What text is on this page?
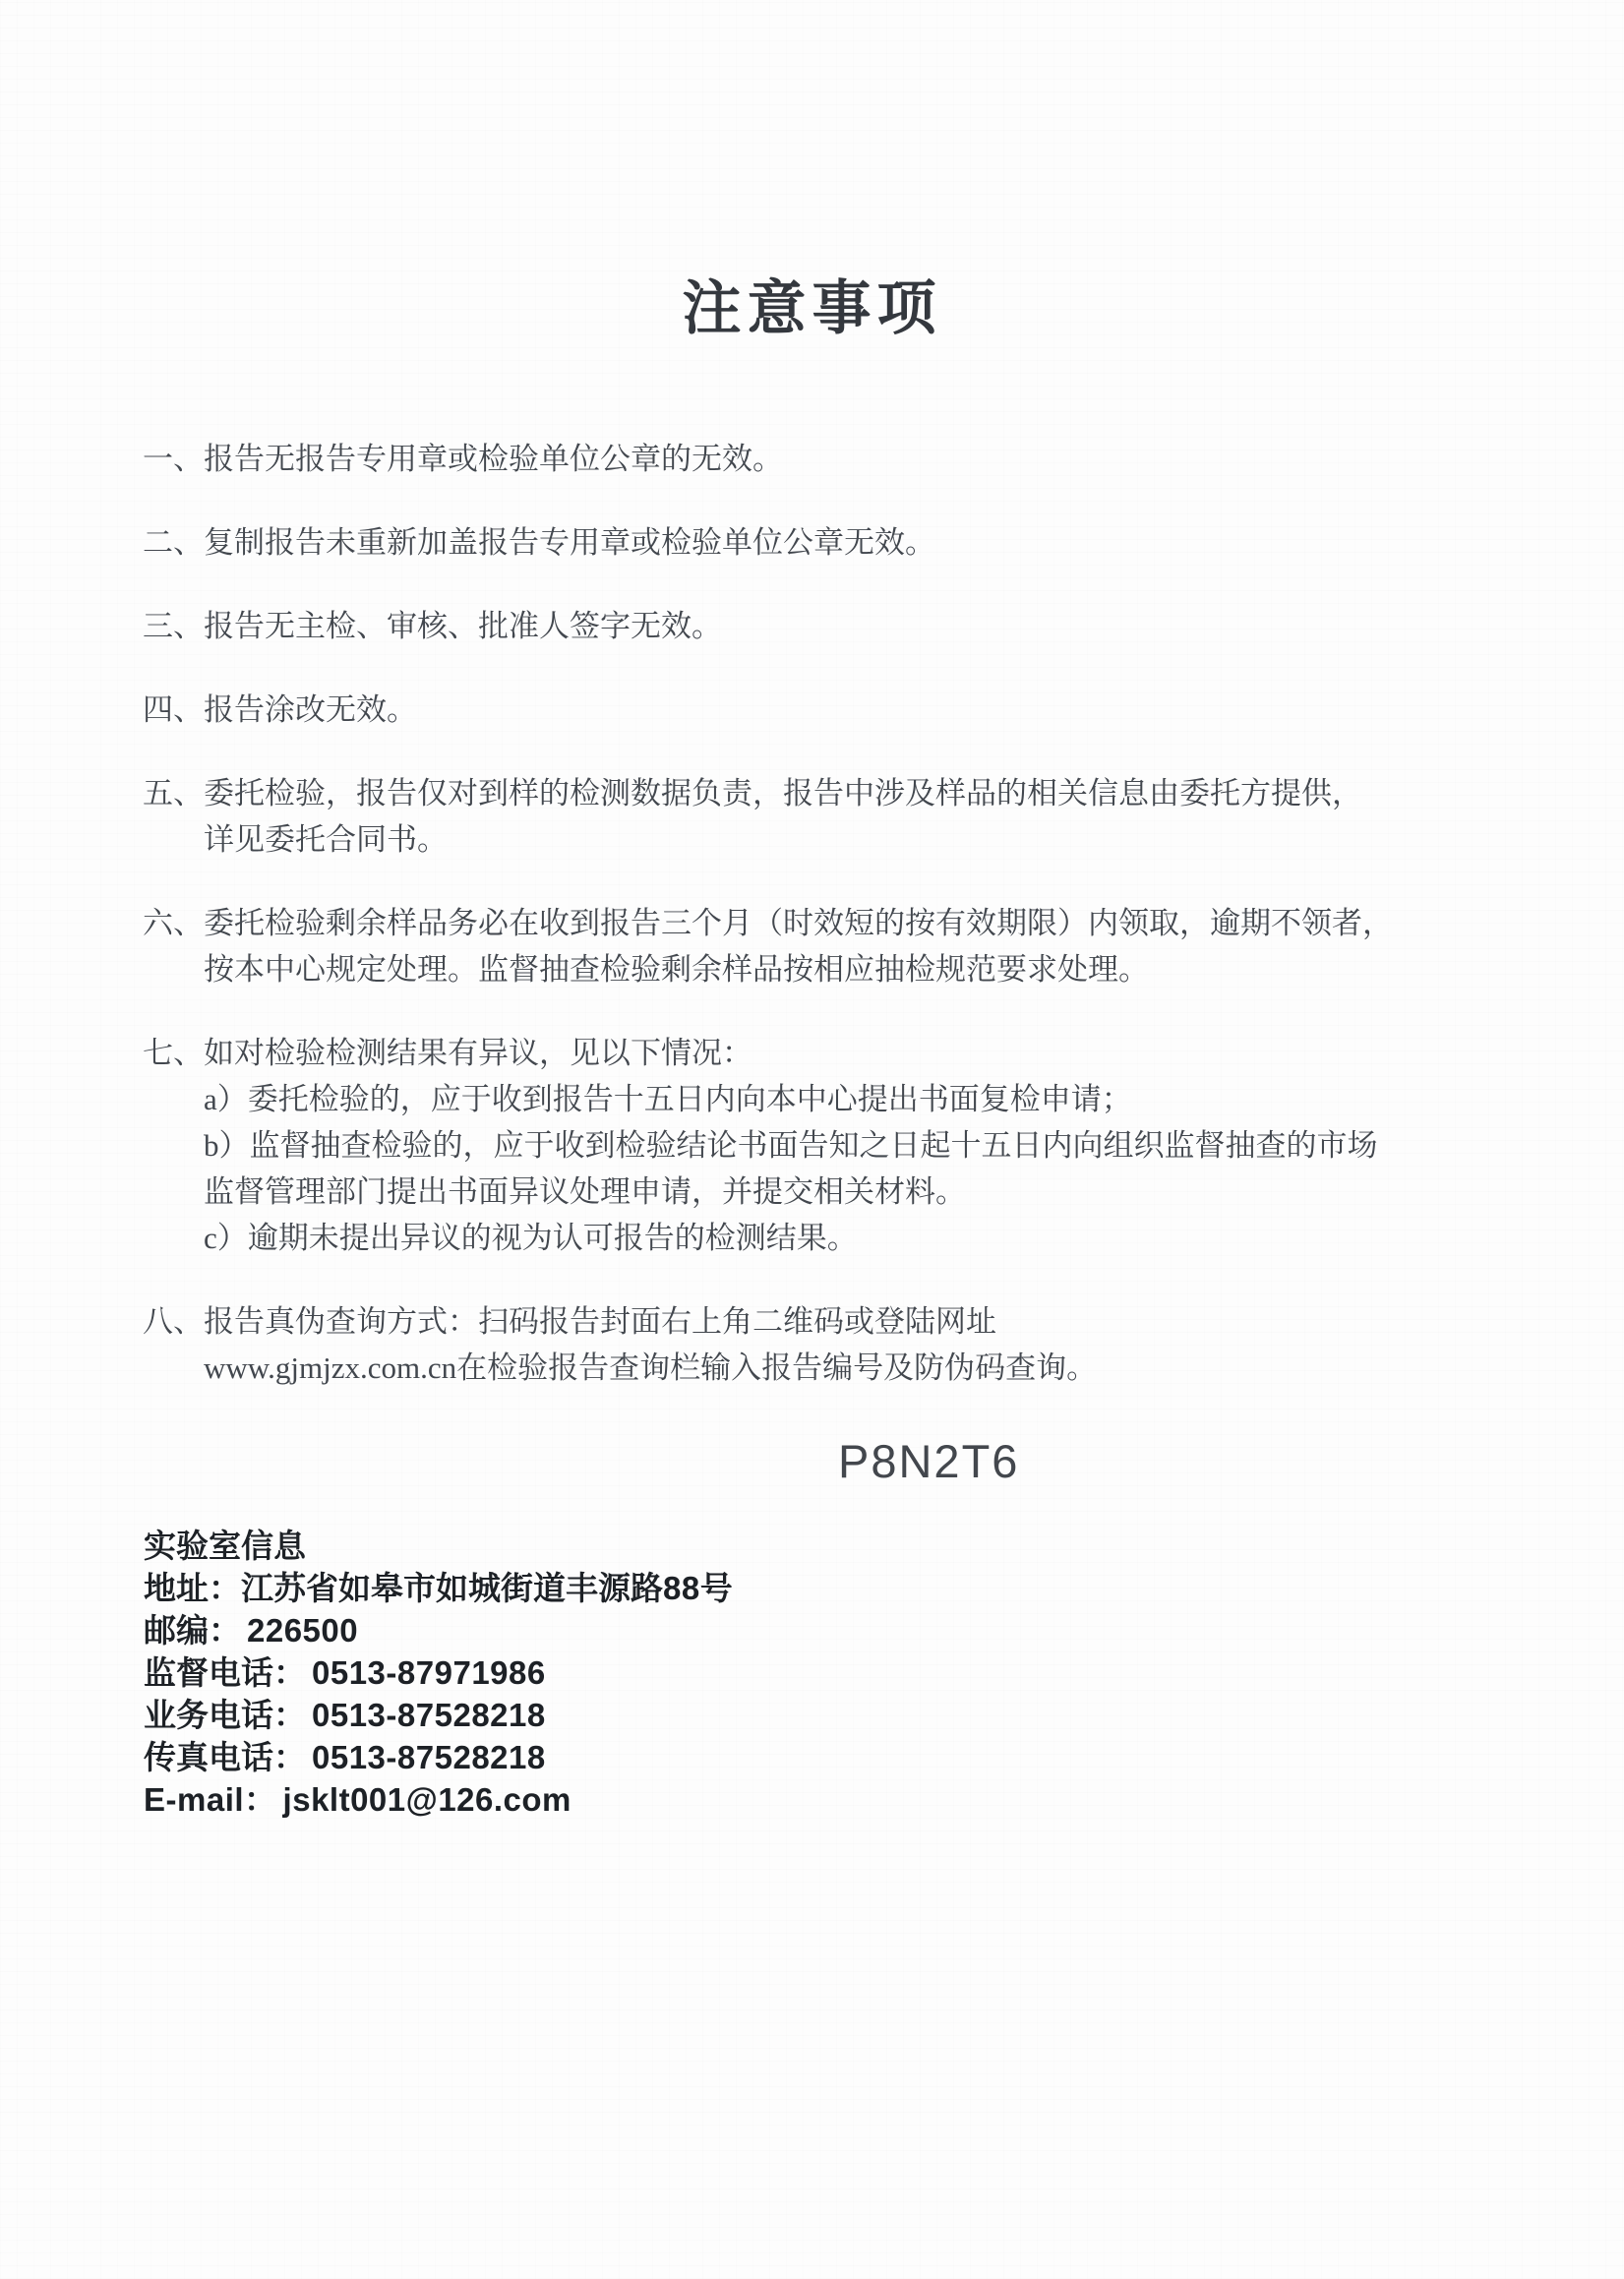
注意事项
一、 报告无报告专用章或检验单位公章的无效。
二、 复制报告未重新加盖报告专用章或检验单位公章无效。
三、 报告无主检、审核、批准人签字无效。
四、 报告涂改无效。
五、 委托检验，报告仅对到样的检测数据负责，报告中涉及样品的相关信息由委托方提供，
详见委托合同书。
六、 委托检验剩余样品务必在收到报告三个月（时效短的按有效期限）内领取，逾期不领者，
按本中心规定处理。监督抽查检验剩余样品按相应抽检规范要求处理。
七、 如对检验检测结果有异议，见以下情况：
a）委托检验的，应于收到报告十五日内向本中心提出书面复检申请；
b）监督抽查检验的，应于收到检验结论书面告知之日起十五日内向组织监督抽查的市场
监督管理部门提出书面异议处理申请，并提交相关材料。
c）逾期未提出异议的视为认可报告的检测结果。
八、 报告真伪查询方式：扫码报告封面右上角二维码或登陆网址
www.gjmjzx.com.cn在检验报告查询栏输入报告编号及防伪码查询。
P8N2T6
实验室信息
地址：江苏省如皋市如城街道丰源路88号
邮编： 226500
监督电话： 0513-87971986
业务电话： 0513-87528218
传真电话： 0513-87528218
E-mail： jsklt001@126.com
